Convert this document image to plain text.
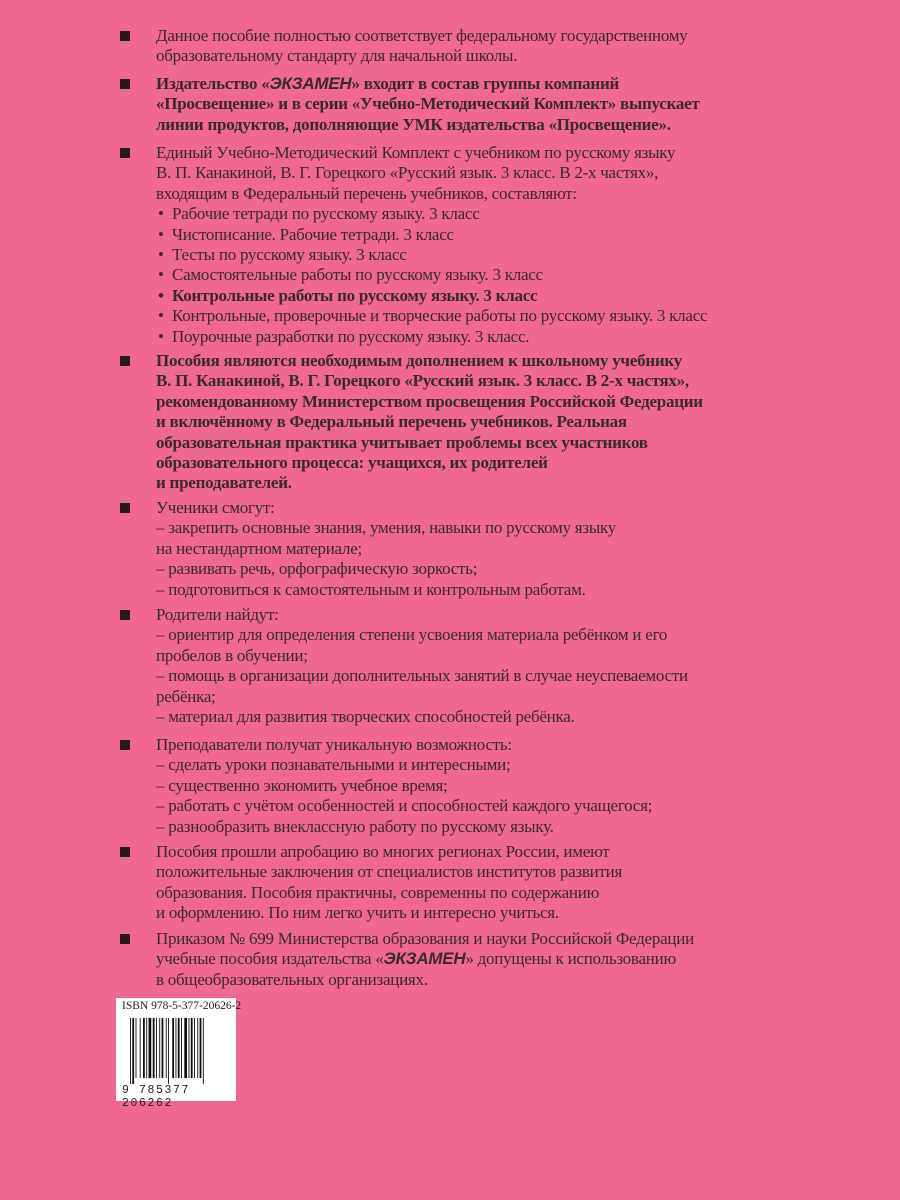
Данное пособие полностью соответствует федеральному государственному
образовательному стандарту для начальной школы.
Издательство «ЭКЗАМЕН» входит в состав группы компаний
«Просвещение» и в серии «Учебно-Методический Комплект» выпускает
линии продуктов, дополняющие УМК издательства «Просвещение».
Единый Учебно-Методический Комплект с учебником по русскому языку
В. П. Канакиной, В. Г. Горецкого «Русский язык. 3 класс. В 2-х частях»,
входящим в Федеральный перечень учебников, составляют:
• Рабочие тетради по русскому языку. 3 класс
• Чистописание. Рабочие тетради. 3 класс
• Тесты по русскому языку. 3 класс
• Самостоятельные работы по русскому языку. 3 класс
• Контрольные работы по русскому языку. 3 класс
• Контрольные, проверочные и творческие работы по русскому языку. 3 класс
• Поурочные разработки по русскому языку. 3 класс.
Пособия являются необходимым дополнением к школьному учебнику
В. П. Канакиной, В. Г. Горецкого «Русский язык. 3 класс. В 2-х частях»,
рекомендованному Министерством просвещения Российской Федерации
и включённому в Федеральный перечень учебников. Реальная
образовательная практика учитывает проблемы всех участников
образовательного процесса: учащихся, их родителей
и преподавателей.
Ученики смогут:
– закрепить основные знания, умения, навыки по русскому языку
на нестандартном материале;
– развивать речь, орфографическую зоркость;
– подготовиться к самостоятельным и контрольным работам.
Родители найдут:
– ориентир для определения степени усвоения материала ребёнком и его
пробелов в обучении;
– помощь в организации дополнительных занятий в случае неуспеваемости
ребёнка;
– материал для развития творческих способностей ребёнка.
Преподаватели получат уникальную возможность:
– сделать уроки познавательными и интересными;
– существенно экономить учебное время;
– работать с учётом особенностей и способностей каждого учащегося;
– разнообразить внеклассную работу по русскому языку.
Пособия прошли апробацию во многих регионах России, имеют
положительные заключения от специалистов институтов развития
образования. Пособия практичны, современны по содержанию
и оформлению. По ним легко учить и интересно учиться.
Приказом № 699 Министерства образования и науки Российской Федерации
учебные пособия издательства «ЭКЗАМЕН» допущены к использованию
в общеобразовательных организациях.
ISBN 978-5-377-20626-2
9 785377 206262
